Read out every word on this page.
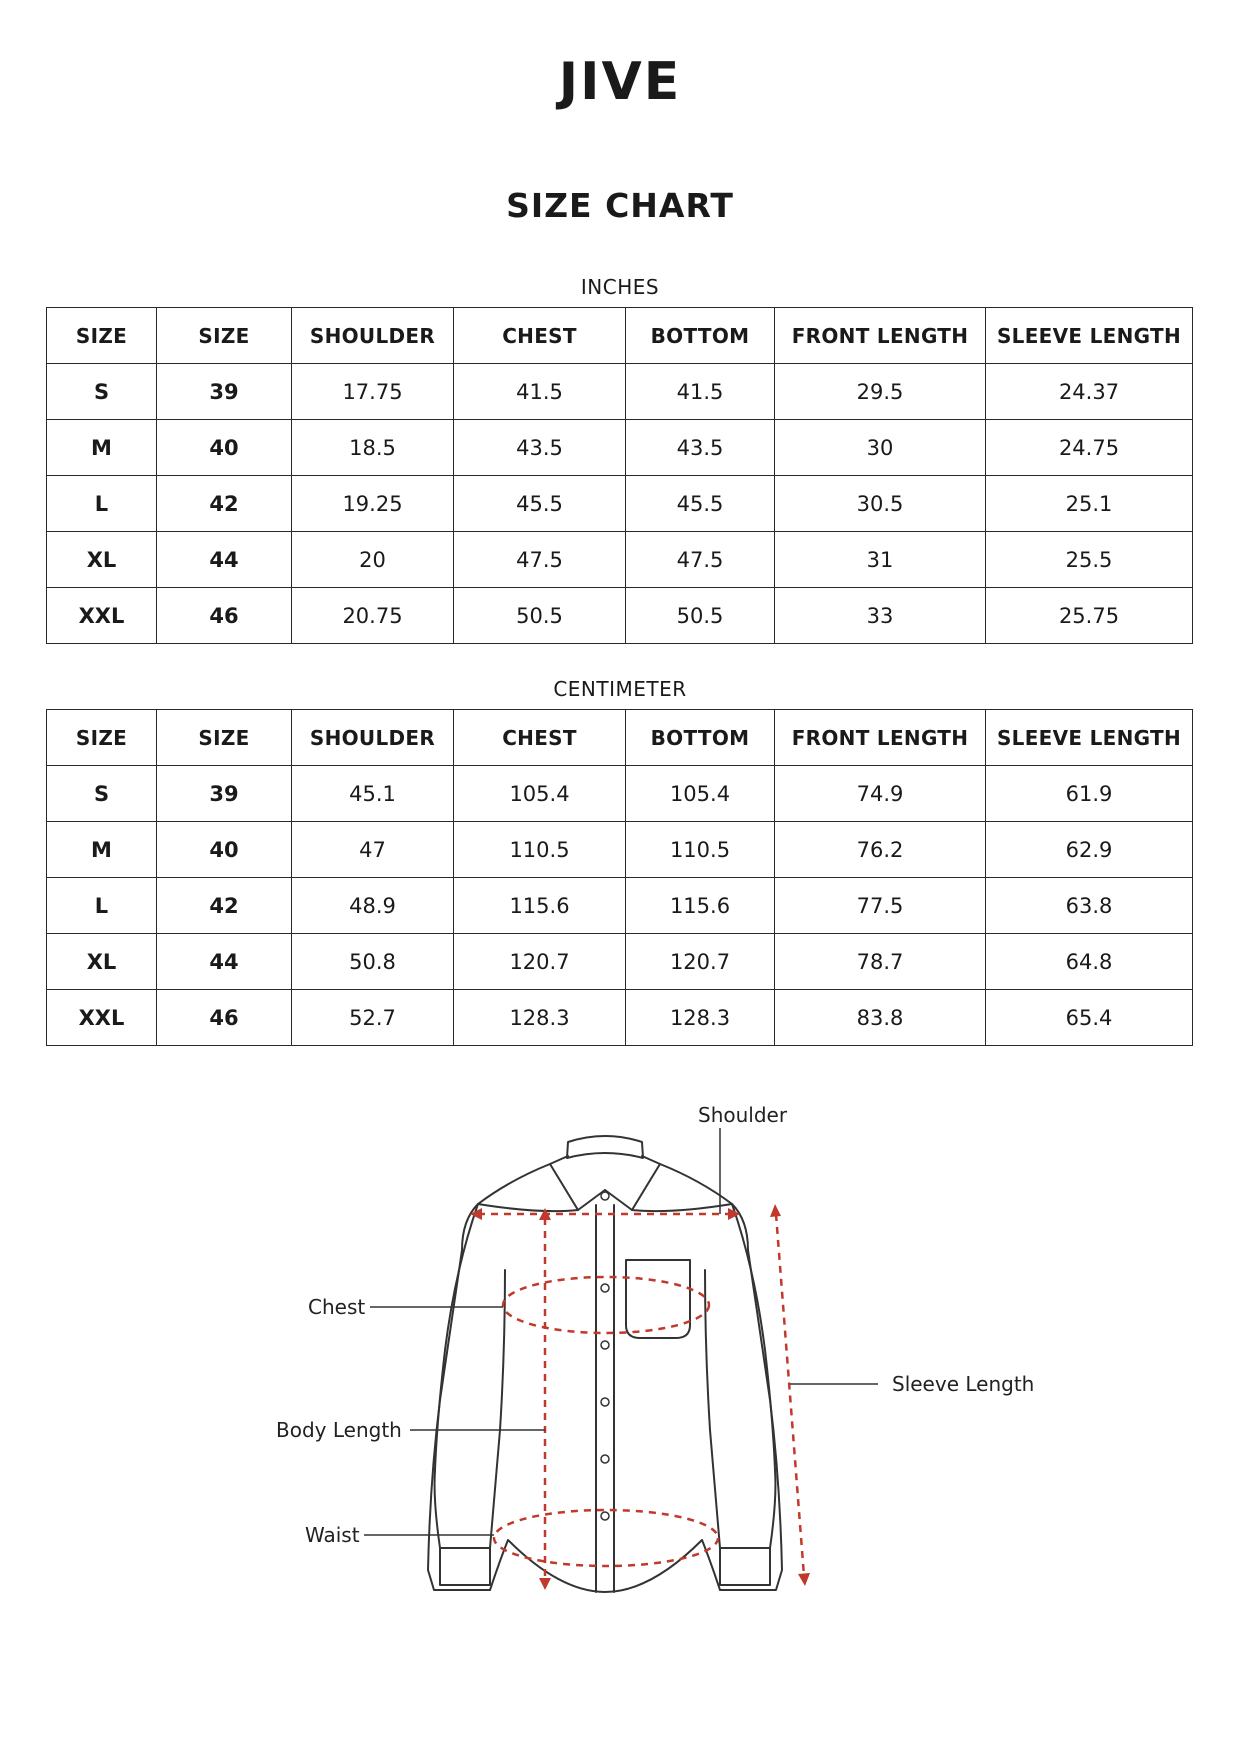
JIVE
SIZE CHART
INCHES
SIZE	SIZE	SHOULDER	CHEST	BOTTOM	FRONT LENGTH	SLEEVE LENGTH
S	39	17.75	41.5	41.5	29.5	24.37
M	40	18.5	43.5	43.5	30	24.75
L	42	19.25	45.5	45.5	30.5	25.1
XL	44	20	47.5	47.5	31	25.5
XXL	46	20.75	50.5	50.5	33	25.75
CENTIMETER
SIZE	SIZE	SHOULDER	CHEST	BOTTOM	FRONT LENGTH	SLEEVE LENGTH
S	39	45.1	105.4	105.4	74.9	61.9
M	40	47	110.5	110.5	76.2	62.9
L	42	48.9	115.6	115.6	77.5	63.8
XL	44	50.8	120.7	120.7	78.7	64.8
XXL	46	52.7	128.3	128.3	83.8	65.4
Shoulder
Chest
Sleeve Length
Body Length
Waist
